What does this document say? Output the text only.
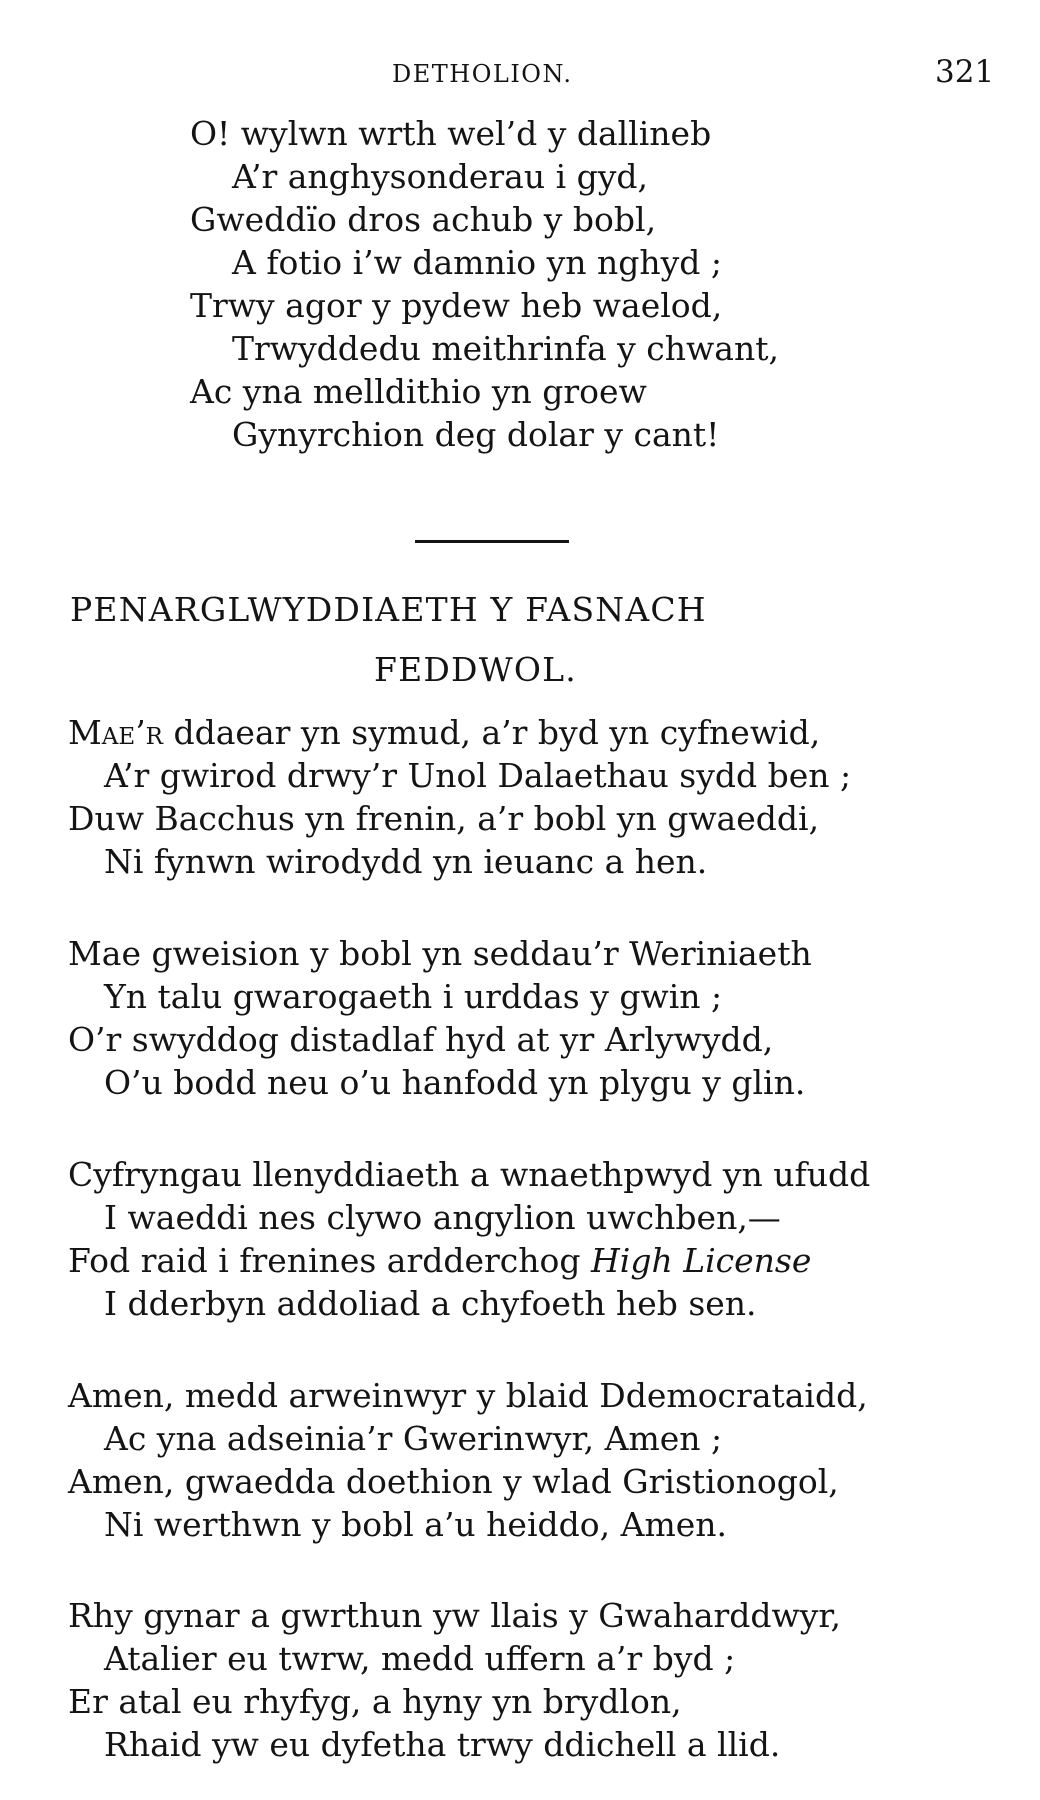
DETHOLION.	321
O! wylwn wrth wel’d y dallineb
A’r anghysonderau i gyd,
Gweddïo dros achub y bobl,
A fotio i’w damnio yn nghyd ;
Trwy agor y pydew heb waelod,
Trwyddedu meithrinfa y chwant,
Ac yna melldithio yn groew
Gynyrchion deg dolar y cant!
PENARGLWYDDIAETH Y FASNACH
FEDDWOL.
Mae’r ddaear yn symud, a’r byd yn cyfnewid,
A’r gwirod drwy’r Unol Dalaethau sydd ben ;
Duw Bacchus yn frenin, a’r bobl yn gwaeddi,
Ni fynwn wirodydd yn ieuanc a hen.
Mae gweision y bobl yn seddau’r Weriniaeth
Yn talu gwarogaeth i urddas y gwin ;
O’r swyddog distadlaf hyd at yr Arlywydd,
O’u bodd neu o’u hanfodd yn plygu y glin.
Cyfryngau llenyddiaeth a wnaethpwyd yn ufudd
I waeddi nes clywo angylion uwchben,—
Fod raid i frenines ardderchog High License
I dderbyn addoliad a chyfoeth heb sen.
Amen, medd arweinwyr y blaid Ddemocrataidd,
Ac yna adseinia’r Gwerinwyr, Amen ;
Amen, gwaedda doethion y wlad Gristionogol,
Ni werthwn y bobl a’u heiddo, Amen.
Rhy gynar a gwrthun yw llais y Gwaharddwyr,
Atalier eu twrw, medd uffern a’r byd ;
Er atal eu rhyfyg, a hyny yn brydlon,
Rhaid yw eu dyfetha trwy ddichell a llid.
